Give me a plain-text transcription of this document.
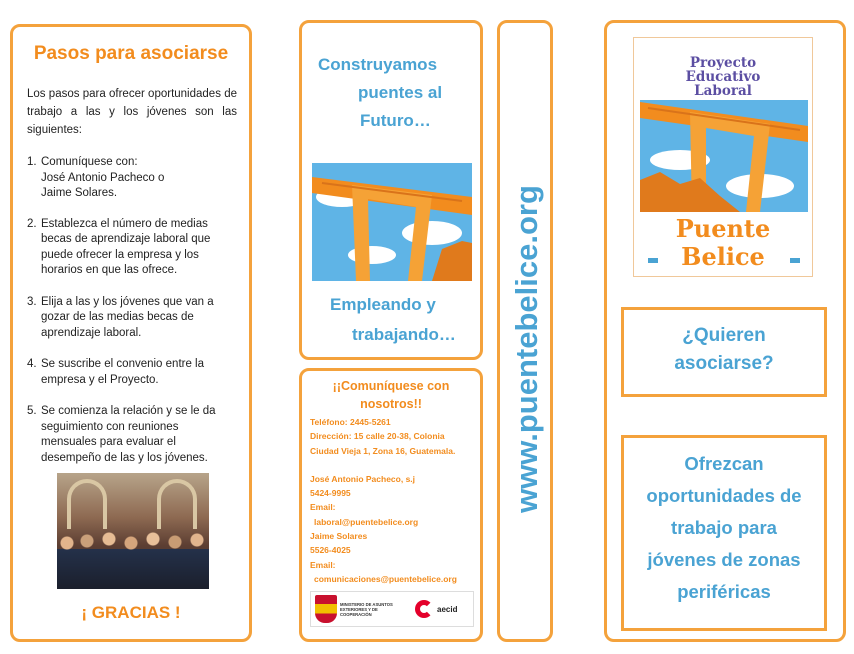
Pasos para asociarse

Los pasos para ofrecer oportunidades de trabajo a las y los jóvenes son las siguientes:

1. Comuníquese con:
José Antonio Pacheco o
Jaime Solares.
2. Establezca el número de medias becas de aprendizaje laboral que puede ofrecer la empresa y los horarios en que las ofrece.
3. Elija a las y los jóvenes que van a gozar de las medias becas de aprendizaje laboral.
4. Se suscribe el convenio entre la empresa y el Proyecto.
5. Se comienza la relación y se le da seguimiento con reuniones mensuales para evaluar el desempeño de las y los jóvenes.
¡ GRACIAS !
Construyamos
puentes al
Futuro…
Empleando y
trabajando…
¡¡Comuníquese con
nosotros!!
Teléfono: 2445-5261
Dirección: 15 calle 20-38, Colonia
Ciudad Vieja 1, Zona 16, Guatemala.
José Antonio Pacheco, s.j
5424-9995
Email:
laboral@puentebelice.org
Jaime Solares
5526-4025
Email:
comunicaciones@puentebelice.org
MINISTERIO DE ASUNTOS EXTERIORES Y DE COOPERACIÓN
aecid
www.puentebelice.org
Proyecto
Educativo
Laboral
Puente
Belice
¿Quieren
asociarse?
Ofrezcan
oportunidades de
trabajo para
jóvenes de zonas
periféricas
